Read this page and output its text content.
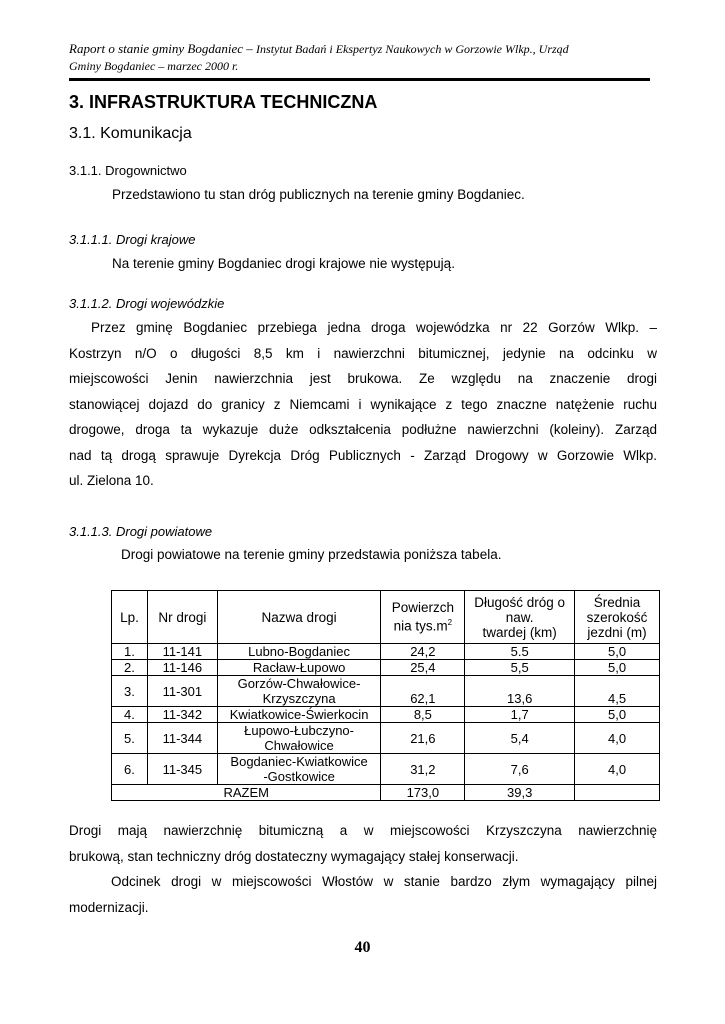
Raport o stanie gminy Bogdaniec – Instytut Badań i Ekspertyz Naukowych w Gorzowie Wlkp., Urząd
Gminy Bogdaniec – marzec 2000 r.
3. INFRASTRUKTURA TECHNICZNA
3.1. Komunikacja
3.1.1. Drogownictwo
Przedstawiono tu stan dróg publicznych na terenie gminy Bogdaniec.
3.1.1.1. Drogi krajowe
Na terenie gminy Bogdaniec drogi krajowe nie występują.
3.1.1.2. Drogi wojewódzkie
Przez gminę Bogdaniec przebiega jedna droga wojewódzka nr 22 Gorzów Wlkp. –
Kostrzyn n/O o długości 8,5 km i nawierzchni bitumicznej, jedynie na odcinku w
miejscowości Jenin nawierzchnia jest brukowa. Ze względu na znaczenie drogi
stanowiącej dojazd do granicy z Niemcami i wynikające z tego znaczne natężenie ruchu
drogowe, droga ta wykazuje duże odkształcenia podłużne nawierzchni (koleiny). Zarząd
nad tą drogą sprawuje Dyrekcja Dróg Publicznych - Zarząd Drogowy w Gorzowie Wlkp.
ul. Zielona 10.
3.1.1.3. Drogi powiatowe
Drogi powiatowe na terenie gminy przedstawia poniższa tabela.
Lp.	Nr drogi	Nazwa drogi	Powierzch
nia $tys.m^2$	Długość dróg o
naw.
twardej (km)	Średnia
szerokość
jezdni (m)
1.	11-141	Lubno-Bogdaniec	24,2	5.5	5,0
2.	11-146	Racław-Łupowo	25,4	5,5	5,0
3.	11-301	Gorzów-Chwałowice-
Krzyszczyna	62,1	13,6	4,5
4.	11-342	Kwiatkowice-Świerkocin	8,5	1,7	5,0
5.	11-344	Łupowo-Łubczyno-
Chwałowice	21,6	5,4	4,0
6.	11-345	Bogdaniec-Kwiatkowice
-Gostkowice	31,2	7,6	4,0
RAZEM			173,0	39,3	
Drogi mają nawierzchnię bitumiczną a w miejscowości Krzyszczyna nawierzchnię
brukową, stan techniczny dróg dostateczny wymagający stałej konserwacji.
Odcinek drogi w miejscowości Włostów w stanie bardzo złym wymagający pilnej
modernizacji.
40
